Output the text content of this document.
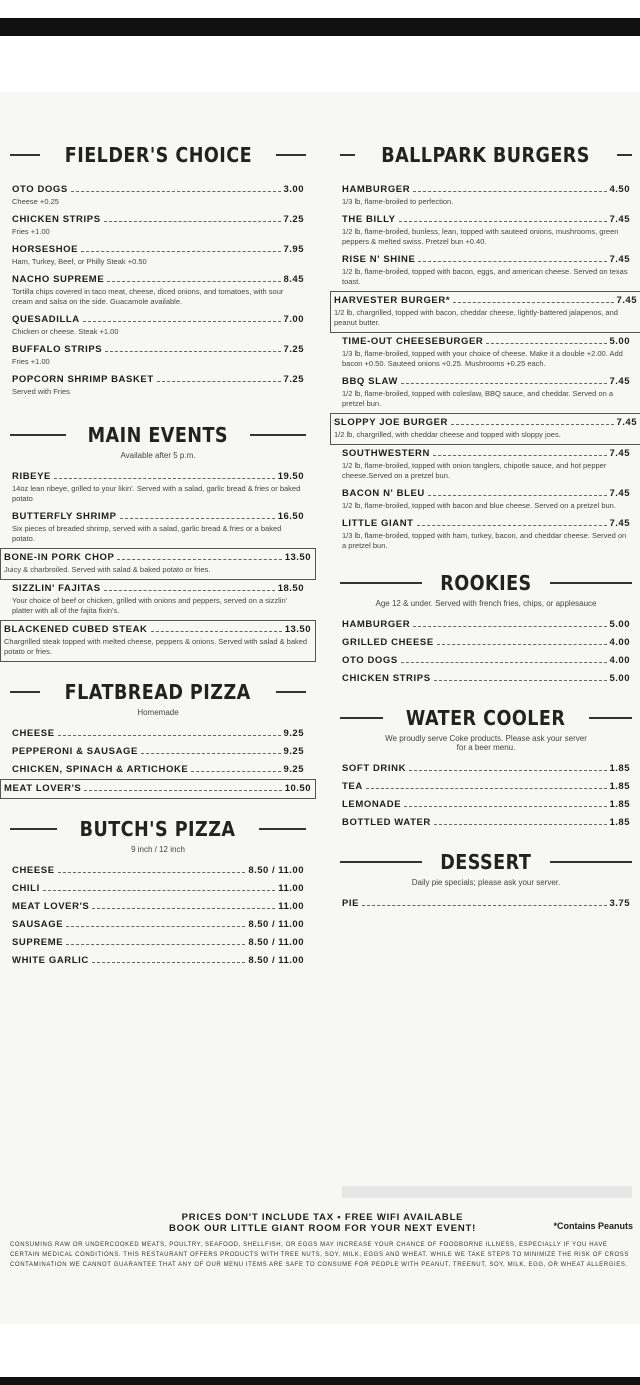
FIELDER'S CHOICE
OTO DOGS	3.00
Cheese +0.25
CHICKEN STRIPS	7.25
Fries +1.00
HORSESHOE	7.95
Ham, Turkey, Beef, or Philly Steak +0.50
NACHO SUPREME	8.45
Tortilla chips covered in taco meat, cheese, diced onions, and tomatoes, with sour cream and salsa on the side. Guacamole available.
QUESADILLA	7.00
Chicken or cheese. Steak +1.00
BUFFALO STRIPS	7.25
Fries +1.00
POPCORN SHRIMP BASKET	7.25
Served with Fries
MAIN EVENTS
Available after 5 p.m.
RIBEYE	19.50
14oz lean ribeye, grilled to your likin'. Served with a salad, garlic bread & fries or baked potato
BUTTERFLY SHRIMP	16.50
Six pieces of breaded shrimp, served with a salad, garlic bread & fries or a baked potato.
BONE-IN PORK CHOP	13.50
Juicy & charbroiled. Served with salad & baked potato or fries.
SIZZLIN' FAJITAS	18.50
Your choice of beef or chicken, grilled with onions and peppers, served on a sizzlin' platter with all of the fajita fixin's.
BLACKENED CUBED STEAK	13.50
Chargrilled steak topped with melted cheese, peppers & onions. Served with salad & baked potato or fries.
FLATBREAD PIZZA
Homemade
CHEESE	9.25
PEPPERONI & SAUSAGE	9.25
CHICKEN, SPINACH & ARTICHOKE	9.25
MEAT LOVER'S	10.50
BUTCH'S PIZZA
9 inch / 12 inch
CHEESE	8.50 / 11.00
CHILI	11.00
MEAT LOVER'S	11.00
SAUSAGE	8.50 / 11.00
SUPREME	8.50 / 11.00
WHITE GARLIC	8.50 / 11.00
BALLPARK BURGERS
HAMBURGER	4.50
1/3 lb, flame-broiled to perfection.
THE BILLY	7.45
1/2 lb, flame-broiled, bunless, lean, topped with sauteed onions, mushrooms, green peppers & melted swiss. Pretzel bun +0.40.
RISE N' SHINE	7.45
1/2 lb, flame-broiled, topped with bacon, eggs, and american cheese. Served on texas toast.
HARVESTER BURGER*	7.45
1/2 lb, chargrilled, topped with bacon, cheddar cheese, lightly-battered jalapenos, and peanut butter.
TIME-OUT CHEESEBURGER	5.00
1/3 lb, flame-broiled, topped with your choice of cheese. Make it a double +2.00. Add bacon +0.50. Sauteed onions +0.25. Mushrooms +0.25 each.
BBQ SLAW	7.45
1/2 lb, flame-broiled, topped with coleslaw, BBQ sauce, and cheddar. Served on a pretzel bun.
SLOPPY JOE BURGER	7.45
1/2 lb, chargrilled, with cheddar cheese and topped with sloppy joes.
SOUTHWESTERN	7.45
1/2 lb, flame-broiled, topped with onion tanglers, chipotle sauce, and hot pepper cheese.Served on a pretzel bun.
BACON N' BLEU	7.45
1/2 lb, flame-broiled, topped with bacon and blue cheese. Served on a pretzel bun.
LITTLE GIANT	7.45
1/3 lb, flame-broiled, topped with ham, turkey, bacon, and cheddar cheese. Served on a pretzel bun.
ROOKIES
Age 12 & under. Served with french fries, chips, or applesauce
HAMBURGER	5.00
GRILLED CHEESE	4.00
OTO DOGS	4.00
CHICKEN STRIPS	5.00
WATER COOLER
We proudly serve Coke products. Please ask your server for a beer menu.
SOFT DRINK	1.85
TEA	1.85
LEMONADE	1.85
BOTTLED WATER	1.85
DESSERT
Daily pie specials; please ask your server.
PIE	3.75
PRICES DON'T INCLUDE TAX • FREE WIFI AVAILABLE
BOOK OUR LITTLE GIANT ROOM FOR YOUR NEXT EVENT!	*Contains Peanuts
CONSUMING RAW OR UNDERCOOKED MEATS, POULTRY, SEAFOOD, SHELLFISH, OR EGGS MAY INCREASE YOUR CHANCE OF FOODBORNE ILLNESS, ESPECIALLY IF YOU HAVE CERTAIN MEDICAL CONDITIONS. THIS RESTAURANT OFFERS PRODUCTS WITH TREE NUTS, SOY, MILK, EGGS AND WHEAT. WHILE WE TAKE STEPS TO MINIMIZE THE RISK OF CROSS CONTAMINATION WE CANNOT GUARANTEE THAT ANY OF OUR MENU ITEMS ARE SAFE TO CONSUME FOR PEOPLE WITH PEANUT, TREENUT, SOY, MILK, EGG, OR WHEAT ALLERGIES.
